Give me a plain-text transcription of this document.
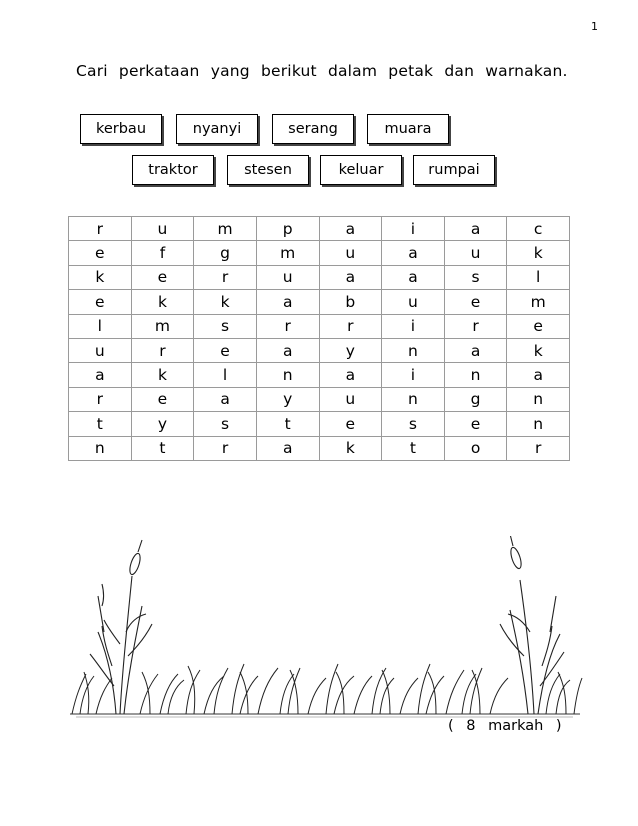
1
Cari perkataan yang berikut dalam petak dan warnakan.
kerbau	nyanyi	serang	muara
traktor	stesen	keluar	rumpai
r	u	m	p	a	i	a	c
e	f	g	m	u	a	u	k
k	e	r	u	a	a	s	l
e	k	k	a	b	u	e	m
l	m	s	r	r	i	r	e
u	r	e	a	y	n	a	k
a	k	l	n	a	i	n	a
r	e	a	y	u	n	g	n
t	y	s	t	e	s	e	n
n	t	r	a	k	t	o	r
( 8 markah )
